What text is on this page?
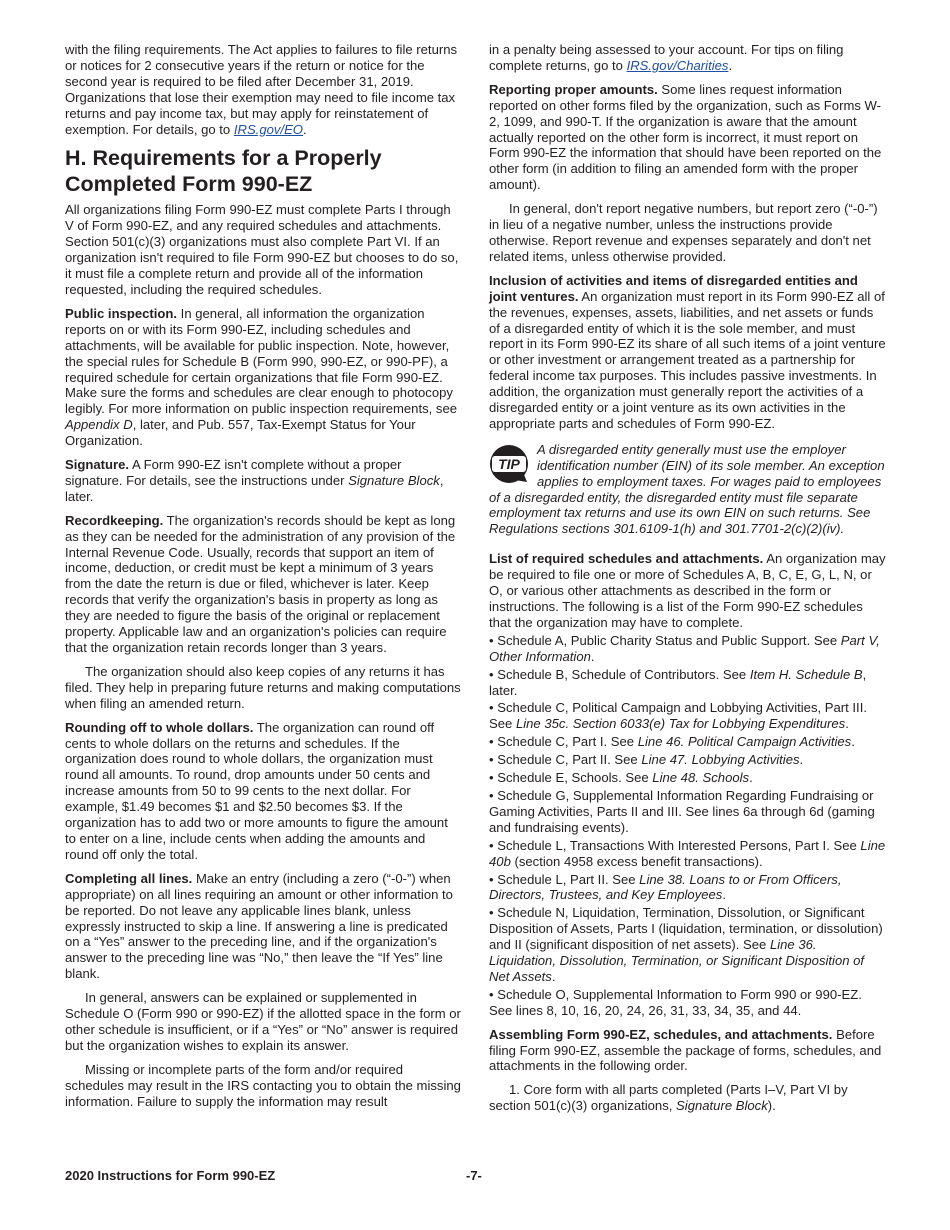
with the filing requirements. The Act applies to failures to file returns or notices for 2 consecutive years if the return or notice for the second year is required to be filed after December 31, 2019. Organizations that lose their exemption may need to file income tax returns and pay income tax, but may apply for reinstatement of exemption. For details, go to IRS.gov/EO.

H. Requirements for a Properly Completed Form 990-EZ

All organizations filing Form 990-EZ must complete Parts I through V of Form 990-EZ, and any required schedules and attachments. Section 501(c)(3) organizations must also complete Part VI. If an organization isn't required to file Form 990-EZ but chooses to do so, it must file a complete return and provide all of the information requested, including the required schedules.

Public inspection. In general, all information the organization reports on or with its Form 990-EZ, including schedules and attachments, will be available for public inspection. Note, however, the special rules for Schedule B (Form 990, 990-EZ, or 990-PF), a required schedule for certain organizations that file Form 990-EZ. Make sure the forms and schedules are clear enough to photocopy legibly. For more information on public inspection requirements, see Appendix D, later, and Pub. 557, Tax-Exempt Status for Your Organization.

Signature. A Form 990-EZ isn't complete without a proper signature. For details, see the instructions under Signature Block, later.

Recordkeeping. The organization's records should be kept as long as they can be needed for the administration of any provision of the Internal Revenue Code. Usually, records that support an item of income, deduction, or credit must be kept a minimum of 3 years from the date the return is due or filed, whichever is later. Keep records that verify the organization's basis in property as long as they are needed to figure the basis of the original or replacement property. Applicable law and an organization's policies can require that the organization retain records longer than 3 years.

The organization should also keep copies of any returns it has filed. They help in preparing future returns and making computations when filing an amended return.

Rounding off to whole dollars. The organization can round off cents to whole dollars on the returns and schedules. If the organization does round to whole dollars, the organization must round all amounts. To round, drop amounts under 50 cents and increase amounts from 50 to 99 cents to the next dollar. For example, $1.49 becomes $1 and $2.50 becomes $3. If the organization has to add two or more amounts to figure the amount to enter on a line, include cents when adding the amounts and round off only the total.

Completing all lines. Make an entry (including a zero (“-0-”) when appropriate) on all lines requiring an amount or other information to be reported. Do not leave any applicable lines blank, unless expressly instructed to skip a line. If answering a line is predicated on a “Yes” answer to the preceding line, and if the organization's answer to the preceding line was “No,” then leave the “If Yes” line blank.

In general, answers can be explained or supplemented in Schedule O (Form 990 or 990-EZ) if the allotted space in the form or other schedule is insufficient, or if a “Yes” or “No” answer is required but the organization wishes to explain its answer.

Missing or incomplete parts of the form and/or required schedules may result in the IRS contacting you to obtain the missing information. Failure to supply the information may result

in a penalty being assessed to your account. For tips on filing complete returns, go to IRS.gov/Charities.

Reporting proper amounts. Some lines request information reported on other forms filed by the organization, such as Forms W-2, 1099, and 990-T. If the organization is aware that the amount actually reported on the other form is incorrect, it must report on Form 990-EZ the information that should have been reported on the other form (in addition to filing an amended form with the proper amount).

In general, don't report negative numbers, but report zero (“-0-”) in lieu of a negative number, unless the instructions provide otherwise. Report revenue and expenses separately and don't net related items, unless otherwise provided.

Inclusion of activities and items of disregarded entities and joint ventures. An organization must report in its Form 990-EZ all of the revenues, expenses, assets, liabilities, and net assets or funds of a disregarded entity of which it is the sole member, and must report in its Form 990-EZ its share of all such items of a joint venture or other investment or arrangement treated as a partnership for federal income tax purposes. This includes passive investments. In addition, the organization must generally report the activities of a disregarded entity or a joint venture as its own activities in the appropriate parts and schedules of Form 990-EZ.

TIP
A disregarded entity generally must use the employer identification number (EIN) of its sole member. An exception applies to employment taxes. For wages paid to employees of a disregarded entity, the disregarded entity must file separate employment tax returns and use its own EIN on such returns. See Regulations sections 301.6109-1(h) and 301.7701-2(c)(2)(iv).

List of required schedules and attachments. An organization may be required to file one or more of Schedules A, B, C, E, G, L, N, or O, or various other attachments as described in the form or instructions. The following is a list of the Form 990-EZ schedules that the organization may have to complete.

• Schedule A, Public Charity Status and Public Support. See Part V, Other Information.
• Schedule B, Schedule of Contributors. See Item H. Schedule B, later.
• Schedule C, Political Campaign and Lobbying Activities, Part III. See Line 35c. Section 6033(e) Tax for Lobbying Expenditures.
• Schedule C, Part I. See Line 46. Political Campaign Activities.
• Schedule C, Part II. See Line 47. Lobbying Activities.
• Schedule E, Schools. See Line 48. Schools.
• Schedule G, Supplemental Information Regarding Fundraising or Gaming Activities, Parts II and III. See lines 6a through 6d (gaming and fundraising events).
• Schedule L, Transactions With Interested Persons, Part I. See Line 40b (section 4958 excess benefit transactions).
• Schedule L, Part II. See Line 38. Loans to or From Officers, Directors, Trustees, and Key Employees.
• Schedule N, Liquidation, Termination, Dissolution, or Significant Disposition of Assets, Parts I (liquidation, termination, or dissolution) and II (significant disposition of net assets). See Line 36. Liquidation, Dissolution, Termination, or Significant Disposition of Net Assets.
• Schedule O, Supplemental Information to Form 990 or 990-EZ. See lines 8, 10, 16, 20, 24, 26, 31, 33, 34, 35, and 44.

Assembling Form 990-EZ, schedules, and attachments. Before filing Form 990-EZ, assemble the package of forms, schedules, and attachments in the following order.

1. Core form with all parts completed (Parts I–V, Part VI by section 501(c)(3) organizations, Signature Block).

2020 Instructions for Form 990-EZ	-7-
